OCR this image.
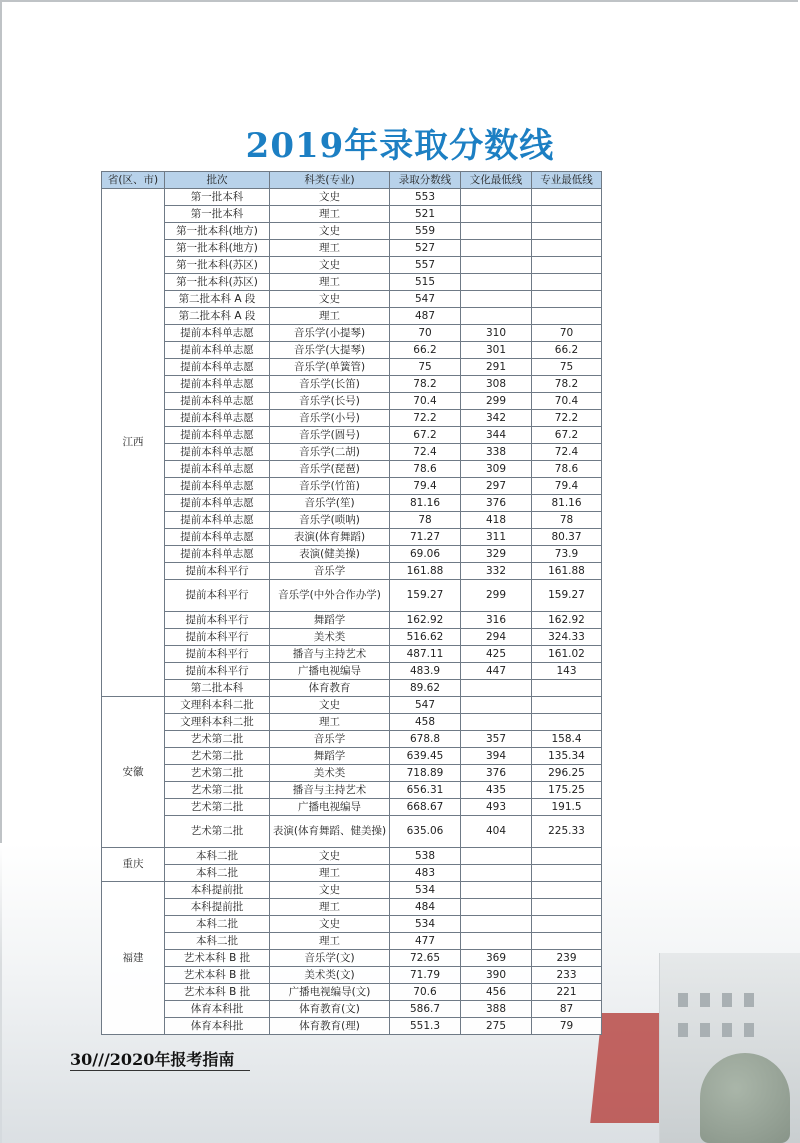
2019年录取分数线
省(区、市)	批次	科类(专业)	录取分数线	文化最低线	专业最低线
江西	第一批本科	文史	553		
	第一批本科	理工	521		
	第一批本科(地方)	文史	559		
	第一批本科(地方)	理工	527		
	第一批本科(苏区)	文史	557		
	第一批本科(苏区)	理工	515		
	第二批本科 A 段	文史	547		
	第二批本科 A 段	理工	487		
	提前本科单志愿	音乐学(小提琴)	70	310	70
	提前本科单志愿	音乐学(大提琴)	66.2	301	66.2
	提前本科单志愿	音乐学(单簧管)	75	291	75
	提前本科单志愿	音乐学(长笛)	78.2	308	78.2
	提前本科单志愿	音乐学(长号)	70.4	299	70.4
	提前本科单志愿	音乐学(小号)	72.2	342	72.2
	提前本科单志愿	音乐学(圆号)	67.2	344	67.2
	提前本科单志愿	音乐学(二胡)	72.4	338	72.4
	提前本科单志愿	音乐学(琵琶)	78.6	309	78.6
	提前本科单志愿	音乐学(竹笛)	79.4	297	79.4
	提前本科单志愿	音乐学(笙)	81.16	376	81.16
	提前本科单志愿	音乐学(唢呐)	78	418	78
	提前本科单志愿	表演(体育舞蹈)	71.27	311	80.37
	提前本科单志愿	表演(健美操)	69.06	329	73.9
	提前本科平行	音乐学	161.88	332	161.88
	提前本科平行	音乐学(中外合作办学)	159.27	299	159.27
	提前本科平行	舞蹈学	162.92	316	162.92
	提前本科平行	美术类	516.62	294	324.33
	提前本科平行	播音与主持艺术	487.11	425	161.02
	提前本科平行	广播电视编导	483.9	447	143
	第二批本科	体育教育	89.62		
安徽	文理科本科二批	文史	547		
	文理科本科二批	理工	458		
	艺术第二批	音乐学	678.8	357	158.4
	艺术第二批	舞蹈学	639.45	394	135.34
	艺术第二批	美术类	718.89	376	296.25
	艺术第二批	播音与主持艺术	656.31	435	175.25
	艺术第二批	广播电视编导	668.67	493	191.5
	艺术第二批	表演(体育舞蹈、健美操)	635.06	404	225.33
重庆	本科二批	文史	538		
	本科二批	理工	483		
福建	本科提前批	文史	534		
	本科提前批	理工	484		
	本科二批	文史	534		
	本科二批	理工	477		
	艺术本科 B 批	音乐学(文)	72.65	369	239
	艺术本科 B 批	美术类(文)	71.79	390	233
	艺术本科 B 批	广播电视编导(文)	70.6	456	221
	体育本科批	体育教育(文)	586.7	388	87
	体育本科批	体育教育(理)	551.3	275	79
30///2020年报考指南
